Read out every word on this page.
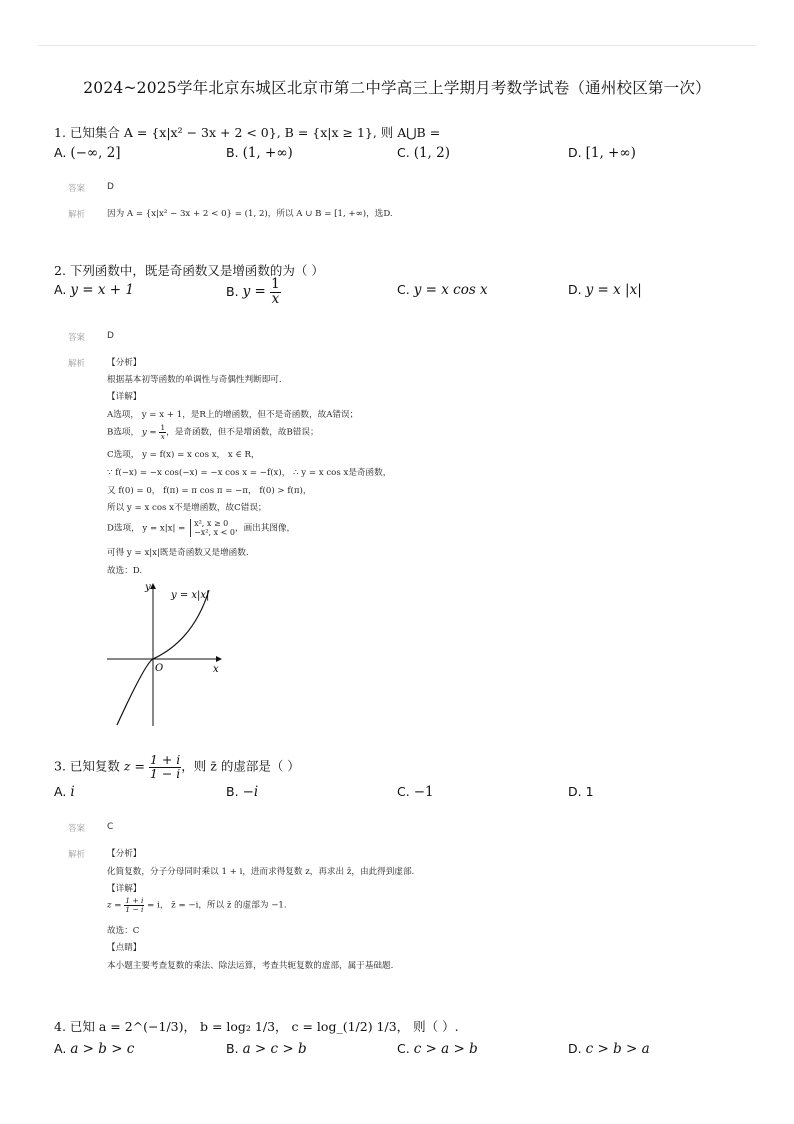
2024~2025学年北京东城区北京市第二中学高三上学期月考数学试卷（通州校区第一次）
1. 已知集合 A = {x|x² − 3x + 2 < 0}, B = {x|x ≥ 1}, 则 A⋃B =
A. (−∞, 2]	B. (1, +∞)	C. (1, 2)	D. [1, +∞)
答案 D
解析	因为 A = {x|x² − 3x + 2 < 0} = (1, 2)，所以 A ∪ B = [1, +∞)，选D.
2. 下列函数中，既是奇函数又是增函数的为（ ）
A. y = x + 1	B. $y = \frac{1}{x}$	C. y = x cos x	D. y = x |x|
答案 D
解析	【分析】
根据基本初等函数的单调性与奇偶性判断即可.
【详解】
A选项， y = x + 1，是R上的增函数，但不是奇函数，故A错误；
B选项， $y = \frac{1}{x}$ ，是奇函数，但不是增函数，故B错误；
C选项， y = f(x) = x cos x， x ∈ R，
∵ f(−x) = −x cos(−x) = −x cos x = −f(x)， ∴ y = x cos x是奇函数，
又 f(0) = 0， f(π) = π cos π = −π， f(0) > f(π)，
所以 y = x cos x不是增函数，故C错误；
D选项， y = x|x| =
x², x ≥ 0
−x², x < 0 ，画出其图像，
可得 y = x|x|既是奇函数又是增函数.
故选：D.
y
x
O
y = x|x|
3. 已知复数 $z = \frac{1 + i}{1 - i}$ ，则 z̄ 的虚部是（ ）
A. i	B. −i	C. −1	D. 1
答案 C
解析	【分析】
化简复数，分子分母同时乘以 1 + i，进而求得复数 z，再求出 z̄，由此得到虚部.
【详解】
$z = \frac{1 + i}{1 - i} = i$， z̄ = −i，所以 z̄ 的虚部为 −1.
故选：C
【点睛】
本小题主要考查复数的乘法、除法运算，考查共轭复数的虚部，属于基础题.
4. 已知 a = 2^(−1/3)， b = log₂ 1/3， c = log_(1/2) 1/3， 则（ ）.
A. a > b > c	B. a > c > b	C. c > a > b	D. c > b > a
